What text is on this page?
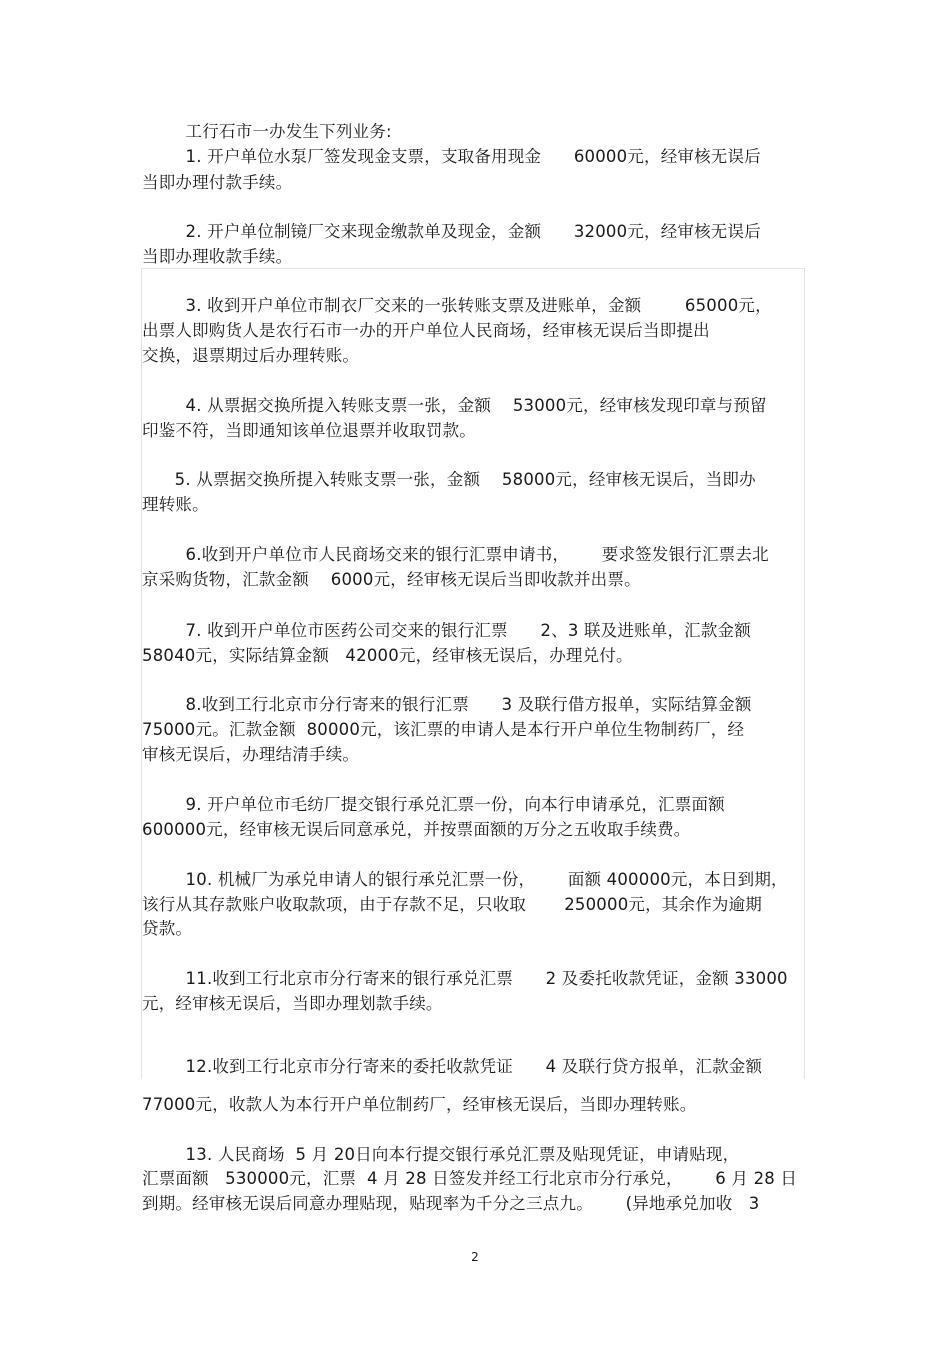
工行石市一办发生下列业务:
1. 开户单位水泵厂签发现金支票，支取备用现金      60000元，经审核无误后
当即办理付款手续。
2. 开户单位制镜厂交来现金缴款单及现金，金额      32000元，经审核无误后
当即办理收款手续。
3. 收到开户单位市制衣厂交来的一张转账支票及进账单，金额        65000元，
出票人即购货人是农行石市一办的开户单位人民商场，经审核无误后当即提出
交换，退票期过后办理转账。
4. 从票据交换所提入转账支票一张，金额    53000元，经审核发现印章与预留
印鉴不符，当即通知该单位退票并收取罚款。
5. 从票据交换所提入转账支票一张，金额    58000元，经审核无误后，当即办
理转账。
6.收到开户单位市人民商场交来的银行汇票申请书，      要求签发银行汇票去北
京采购货物，汇款金额    6000元，经审核无误后当即收款并出票。
7. 收到开户单位市医药公司交来的银行汇票      2、3 联及进账单，汇款金额
58040元，实际结算金额   42000元，经审核无误后，办理兑付。
8.收到工行北京市分行寄来的银行汇票      3 及联行借方报单，实际结算金额
75000元。汇款金额  80000元，该汇票的申请人是本行开户单位生物制药厂，经
审核无误后，办理结清手续。
9. 开户单位市毛纺厂提交银行承兑汇票一份，向本行申请承兑，汇票面额
600000元，经审核无误后同意承兑，并按票面额的万分之五收取手续费。
10. 机械厂为承兑申请人的银行承兑汇票一份，      面额 400000元，本日到期，
该行从其存款账户收取款项，由于存款不足，只收取       250000元，其余作为逾期
贷款。
11.收到工行北京市分行寄来的银行承兑汇票      2 及委托收款凭证，金额 33000
元，经审核无误后，当即办理划款手续。
12.收到工行北京市分行寄来的委托收款凭证      4 及联行贷方报单，汇款金额
77000元，收款人为本行开户单位制药厂，经审核无误后，当即办理转账。
13. 人民商场  5 月 20日向本行提交银行承兑汇票及贴现凭证，申请贴现，
汇票面额   530000元，汇票  4 月 28 日签发并经工行北京市分行承兑，      6 月 28 日
到期。经审核无误后同意办理贴现，贴现率为千分之三点九。      (异地承兑加收   3
2
